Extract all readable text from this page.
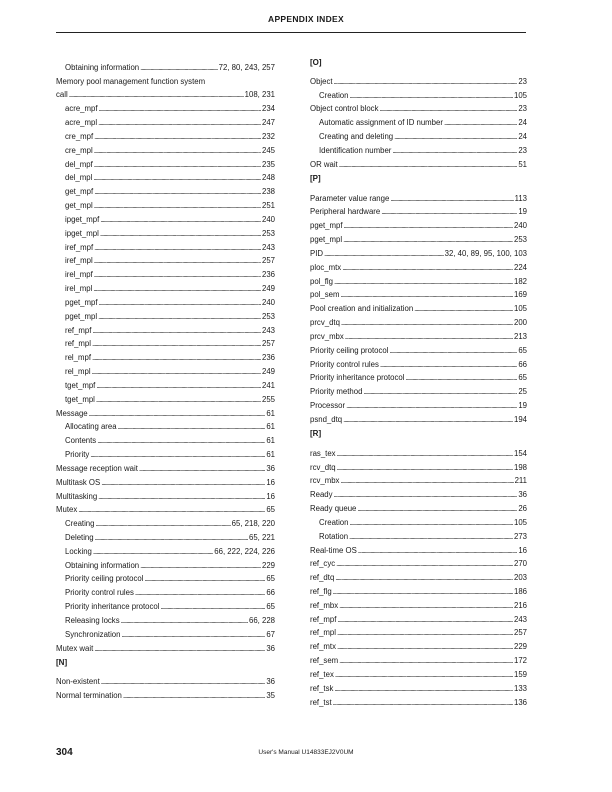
APPENDIX INDEX
Obtaining information . . .	72, 80, 243, 257
Memory pool management function system
call . . .	108, 231
acre_mpf . . .	234
acre_mpl . . .	247
cre_mpf . . .	232
cre_mpl . . .	245
del_mpf . . .	235
del_mpl . . .	248
get_mpf . . .	238
get_mpl . . .	251
ipget_mpf . . .	240
ipget_mpl . . .	253
iref_mpf . . .	243
iref_mpl . . .	257
irel_mpf . . .	236
irel_mpl . . .	249
pget_mpf . . .	240
pget_mpl . . .	253
ref_mpf . . .	243
ref_mpl . . .	257
rel_mpf . . .	236
rel_mpl . . .	249
tget_mpf . . .	241
tget_mpl . . .	255
Message . . .	61
Allocating area . . .	61
Contents . . .	61
Priority . . .	61
Message reception wait . . .	36
Multitask OS . . .	16
Multitasking . . .	16
Mutex . . .	65
Creating . . .	65, 218, 220
Deleting . . .	65, 221
Locking . . .	66, 222, 224, 226
Obtaining information . . .	229
Priority ceiling protocol . . .	65
Priority control rules . . .	66
Priority inheritance protocol . . .	65
Releasing locks . . .	66, 228
Synchronization . . .	67
Mutex wait . . .	36
[N]
Non-existent . . .	36
Normal termination . . .	35
[O]
Object . . .	23
Creation . . .	105
Object control block . . .	23
Automatic assignment of ID number . . .	24
Creating and deleting . . .	24
Identification number . . .	23
OR wait . . .	51
[P]
Parameter value range . . .	113
Peripheral hardware . . .	19
pget_mpf . . .	240
pget_mpl . . .	253
PID . . .	32, 40, 89, 95, 100, 103
ploc_mtx . . .	224
pol_flg . . .	182
pol_sem . . .	169
Pool creation and initialization . . .	105
prcv_dtq . . .	200
prcv_mbx . . .	213
Priority ceiling protocol . . .	65
Priority control rules . . .	66
Priority inheritance protocol . . .	65
Priority method . . .	25
Processor . . .	19
psnd_dtq . . .	194
[R]
ras_tex . . .	154
rcv_dtq . . .	198
rcv_mbx . . .	211
Ready . . .	36
Ready queue . . .	26
Creation . . .	105
Rotation . . .	273
Real-time OS . . .	16
ref_cyc . . .	270
ref_dtq . . .	203
ref_flg . . .	186
ref_mbx . . .	216
ref_mpf . . .	243
ref_mpl . . .	257
ref_mtx . . .	229
ref_sem . . .	172
ref_tex . . .	159
ref_tsk . . .	133
ref_tst . . .	136
304	User's Manual U14833EJ2V0UM
